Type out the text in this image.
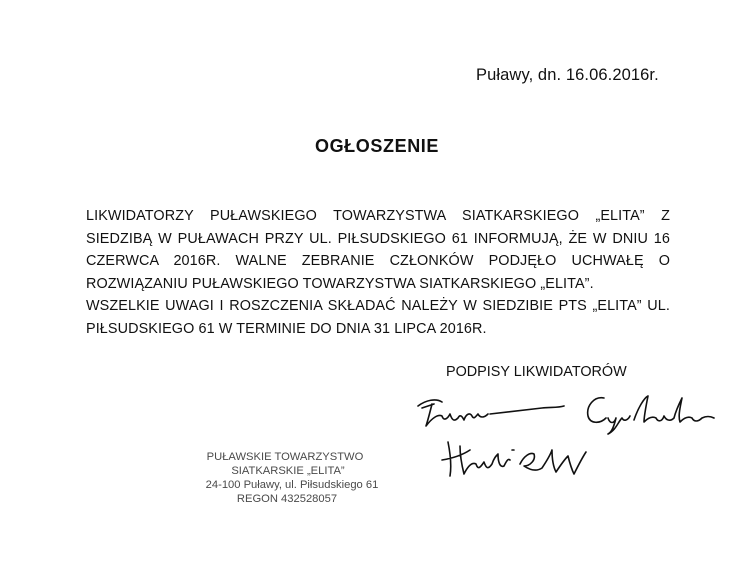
Puławy, dn. 16.06.2016r.
OGŁOSZENIE

LIKWIDATORZY PUŁAWSKIEGO TOWARZYSTWA SIATKARSKIEGO „ELITA” Z SIEDZIBĄ W PUŁAWACH PRZY UL. PIŁSUDSKIEGO 61 INFORMUJĄ, ŻE W DNIU 16 CZERWCA 2016R. WALNE ZEBRANIE CZŁONKÓW PODJĘŁO UCHWAŁĘ O ROZWIĄZANIU PUŁAWSKIEGO TOWARZYSTWA SIATKARSKIEGO „ELITA”.

WSZELKIE UWAGI I ROSZCZENIA SKŁADAĆ NALEŻY W SIEDZIBIE PTS „ELITA” UL. PIŁSUDSKIEGO 61 W TERMINIE DO DNIA 31 LIPCA 2016R.

PODPISY LIKWIDATORÓW
PUŁAWSKIE TOWARZYSTWO
SIATKARSKIE „ELITA”
24-100 Puławy, ul. Piłsudskiego 61
REGON 432528057
